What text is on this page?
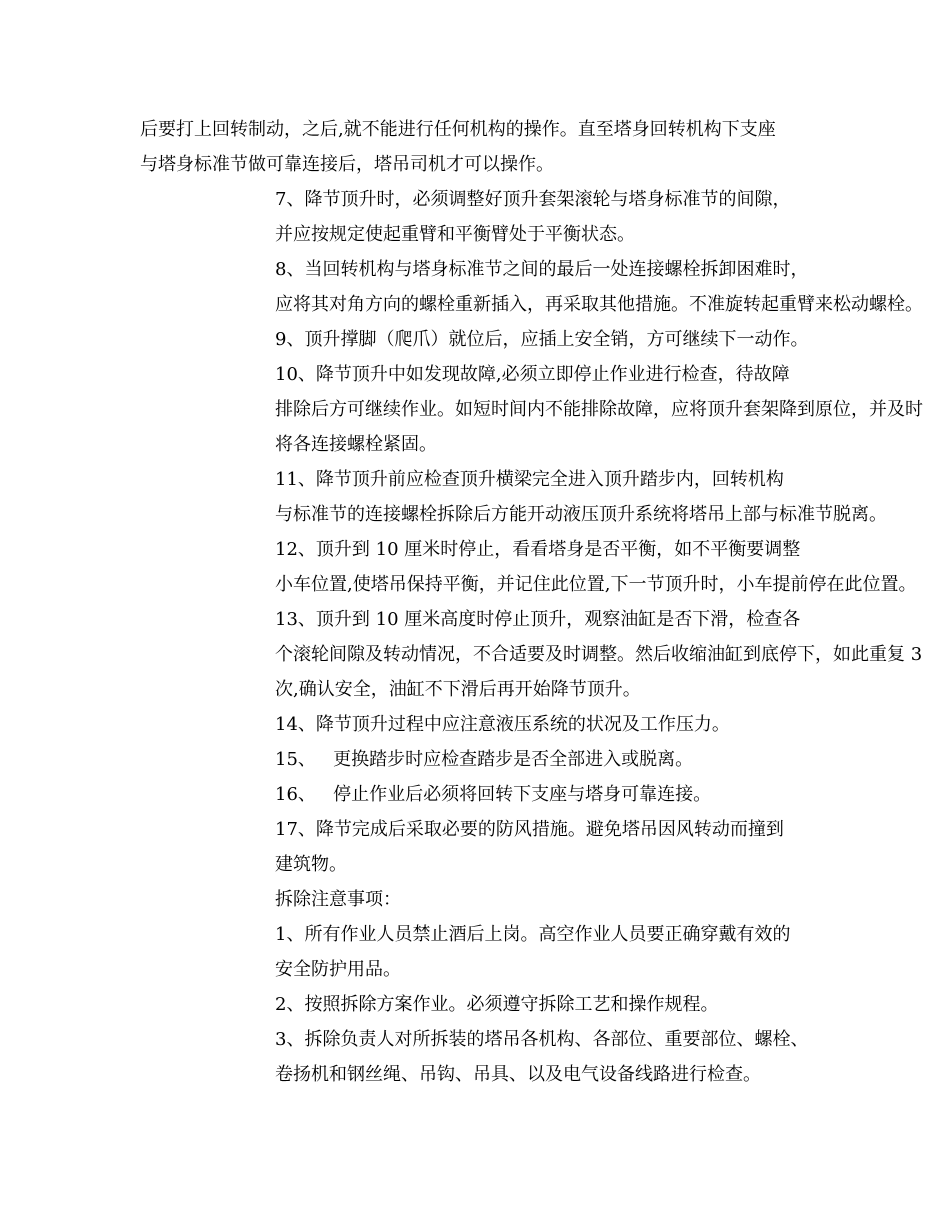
后要打上回转制动，之后,就不能进行任何机构的操作。直至塔身回转机构下支座
与塔身标准节做可靠连接后，塔吊司机才可以操作。

7、降节顶升时，必须调整好顶升套架滚轮与塔身标准节的间隙，
并应按规定使起重臂和平衡臂处于平衡状态。

8、当回转机构与塔身标准节之间的最后一处连接螺栓拆卸困难时，
应将其对角方向的螺栓重新插入，再采取其他措施。不准旋转起重臂来松动螺栓。

9、顶升撑脚（爬爪）就位后，应插上安全销，方可继续下一动作。

10、降节顶升中如发现故障,必须立即停止作业进行检查，待故障
排除后方可继续作业。如短时间内不能排除故障，应将顶升套架降到原位，并及时
将各连接螺栓紧固。

11、降节顶升前应检查顶升横梁完全进入顶升踏步内，回转机构
与标准节的连接螺栓拆除后方能开动液压顶升系统将塔吊上部与标准节脱离。

12、顶升到 10 厘米时停止，看看塔身是否平衡，如不平衡要调整
小车位置,使塔吊保持平衡，并记住此位置,下一节顶升时，小车提前停在此位置。

13、顶升到 10 厘米高度时停止顶升，观察油缸是否下滑，检查各
个滚轮间隙及转动情况，不合适要及时调整。然后收缩油缸到底停下，如此重复 3
次,确认安全，油缸不下滑后再开始降节顶升。

14、降节顶升过程中应注意液压系统的状况及工作压力。

15、   更换踏步时应检查踏步是否全部进入或脱离。

16、   停止作业后必须将回转下支座与塔身可靠连接。

17、降节完成后采取必要的防风措施。避免塔吊因风转动而撞到
建筑物。

拆除注意事项：

1、所有作业人员禁止酒后上岗。高空作业人员要正确穿戴有效的
安全防护用品。

2、按照拆除方案作业。必须遵守拆除工艺和操作规程。

3、拆除负责人对所拆装的塔吊各机构、各部位、重要部位、螺栓、
卷扬机和钢丝绳、吊钩、吊具、以及电气设备线路进行检查。
